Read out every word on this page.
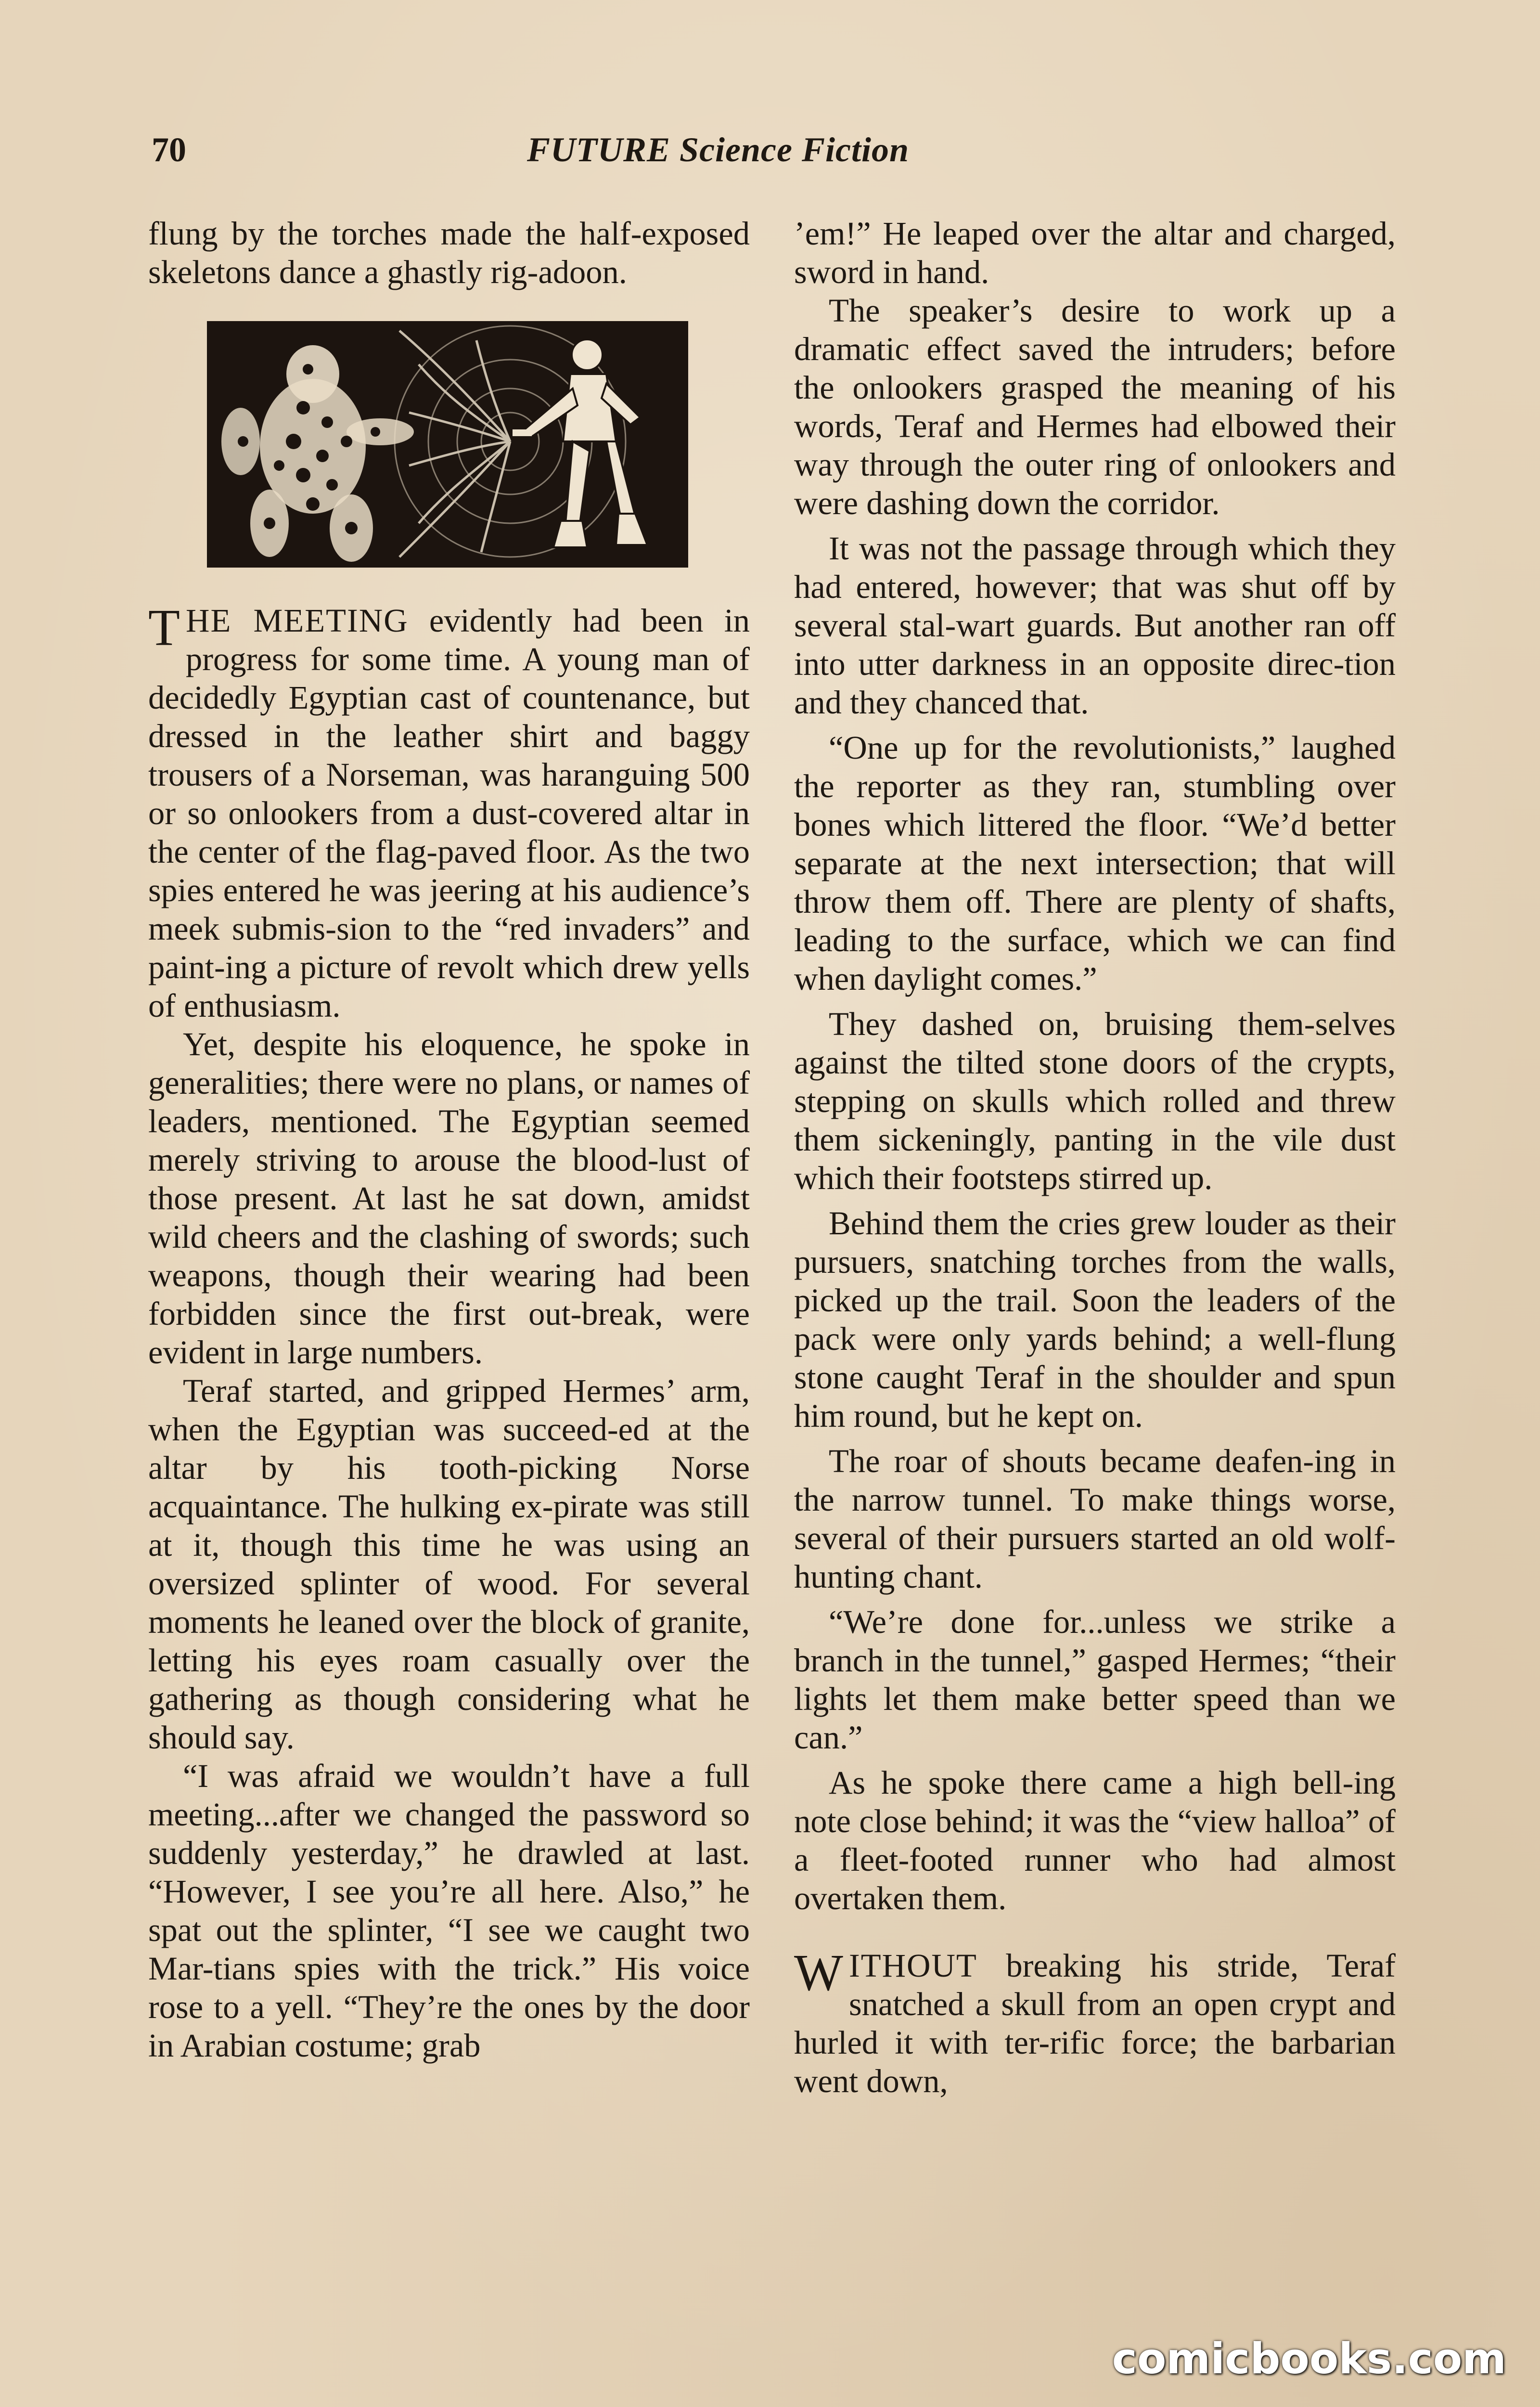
70	FUTURE Science Fiction

flung by the torches made the half-exposed skeletons dance a ghastly rig-adoon.

THE MEETING evidently had been in progress for some time. A young man of decidedly Egyptian cast of countenance, but dressed in the leather shirt and baggy trousers of a Norseman, was haranguing 500 or so onlookers from a dust-covered altar in the center of the flag-paved floor. As the two spies entered he was jeering at his audience’s meek submis-sion to the “red invaders” and paint-ing a picture of revolt which drew yells of enthusiasm.

Yet, despite his eloquence, he spoke in generalities; there were no plans, or names of leaders, mentioned. The Egyptian seemed merely striving to arouse the blood-lust of those present. At last he sat down, amidst wild cheers and the clashing of swords; such weapons, though their wearing had been forbidden since the first out-break, were evident in large numbers.

Teraf started, and gripped Hermes’ arm, when the Egyptian was succeed-ed at the altar by his tooth-picking Norse acquaintance. The hulking ex-pirate was still at it, though this time he was using an oversized splinter of wood. For several moments he leaned over the block of granite, letting his eyes roam casually over the gathering as though considering what he should say.

“I was afraid we wouldn’t have a full meeting...after we changed the password so suddenly yesterday,” he drawled at last. “However, I see you’re all here. Also,” he spat out the splinter, “I see we caught two Mar-tians spies with the trick.” His voice rose to a yell. “They’re the ones by the door in Arabian costume; grab

’em!” He leaped over the altar and charged, sword in hand.

The speaker’s desire to work up a dramatic effect saved the intruders; before the onlookers grasped the meaning of his words, Teraf and Hermes had elbowed their way through the outer ring of onlookers and were dashing down the corridor.

It was not the passage through which they had entered, however; that was shut off by several stal-wart guards. But another ran off into utter darkness in an opposite direc-tion and they chanced that.

“One up for the revolutionists,” laughed the reporter as they ran, stumbling over bones which littered the floor. “We’d better separate at the next intersection; that will throw them off. There are plenty of shafts, leading to the surface, which we can find when daylight comes.”

They dashed on, bruising them-selves against the tilted stone doors of the crypts, stepping on skulls which rolled and threw them sickeningly, panting in the vile dust which their footsteps stirred up.

Behind them the cries grew louder as their pursuers, snatching torches from the walls, picked up the trail. Soon the leaders of the pack were only yards behind; a well-flung stone caught Teraf in the shoulder and spun him round, but he kept on.

The roar of shouts became deafen-ing in the narrow tunnel. To make things worse, several of their pursuers started an old wolf-hunting chant.

“We’re done for...unless we strike a branch in the tunnel,” gasped Hermes; “their lights let them make better speed than we can.”

As he spoke there came a high bell-ing note close behind; it was the “view halloa” of a fleet-footed runner who had almost overtaken them.

WITHOUT breaking his stride, Teraf snatched a skull from an open crypt and hurled it with ter-rific force; the barbarian went down,

comicbooks.com
